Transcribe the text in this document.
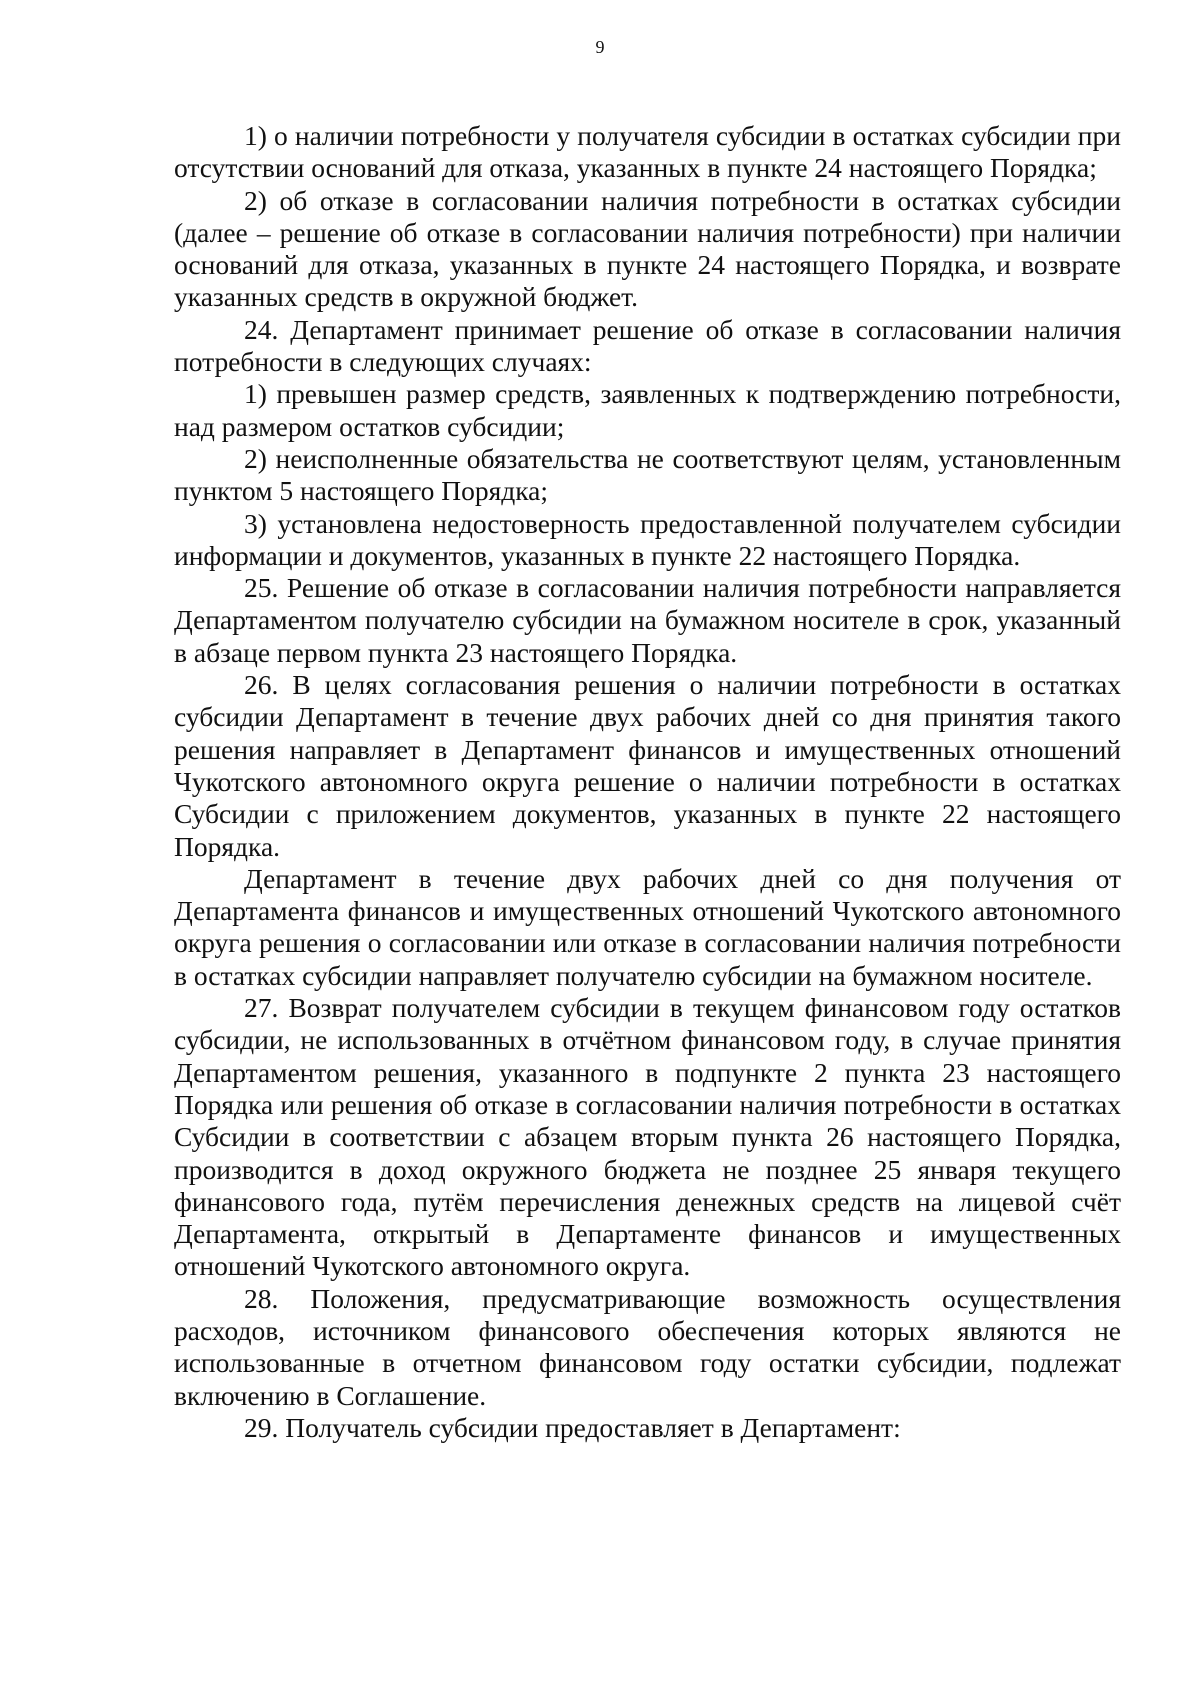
9

1) о наличии потребности у получателя субсидии в остатках субсидии при отсутствии оснований для отказа, указанных в пункте 24 настоящего Порядка;

2) об отказе в согласовании наличия потребности в остатках субсидии (далее – решение об отказе в согласовании наличия потребности) при наличии оснований для отказа, указанных в пункте 24 настоящего Порядка, и возврате указанных средств в окружной бюджет.

24. Департамент принимает решение об отказе в согласовании наличия потребности в следующих случаях:

1) превышен размер средств, заявленных к подтверждению потребности, над размером остатков субсидии;

2) неисполненные обязательства не соответствуют целям, установленным пунктом 5 настоящего Порядка;

3) установлена недостоверность предоставленной получателем субсидии информации и документов, указанных в пункте 22 настоящего Порядка.

25. Решение об отказе в согласовании наличия потребности направляется Департаментом получателю субсидии на бумажном носителе в срок, указанный в абзаце первом пункта 23 настоящего Порядка.

26. В целях согласования решения о наличии потребности в остатках субсидии Департамент в течение двух рабочих дней со дня принятия такого решения направляет в Департамент финансов и имущественных отношений Чукотского автономного округа решение о наличии потребности в остатках Субсидии с приложением документов, указанных в пункте 22 настоящего Порядка.

Департамент в течение двух рабочих дней со дня получения от Департамента финансов и имущественных отношений Чукотского автономного округа решения о согласовании или отказе в согласовании наличия потребности в остатках субсидии направляет получателю субсидии на бумажном носителе.

27. Возврат получателем субсидии в текущем финансовом году остатков субсидии, не использованных в отчётном финансовом году, в случае принятия Департаментом решения, указанного в подпункте 2 пункта 23 настоящего Порядка или решения об отказе в согласовании наличия потребности в остатках Субсидии в соответствии с абзацем вторым пункта 26 настоящего Порядка, производится в доход окружного бюджета не позднее 25 января текущего финансового года, путём перечисления денежных средств на лицевой счёт Департамента, открытый в Департаменте финансов и имущественных отношений Чукотского автономного округа.

28. Положения, предусматривающие возможность осуществления расходов, источником финансового обеспечения которых являются не использованные в отчетном финансовом году остатки субсидии, подлежат включению в Соглашение.

29. Получатель субсидии предоставляет в Департамент:
